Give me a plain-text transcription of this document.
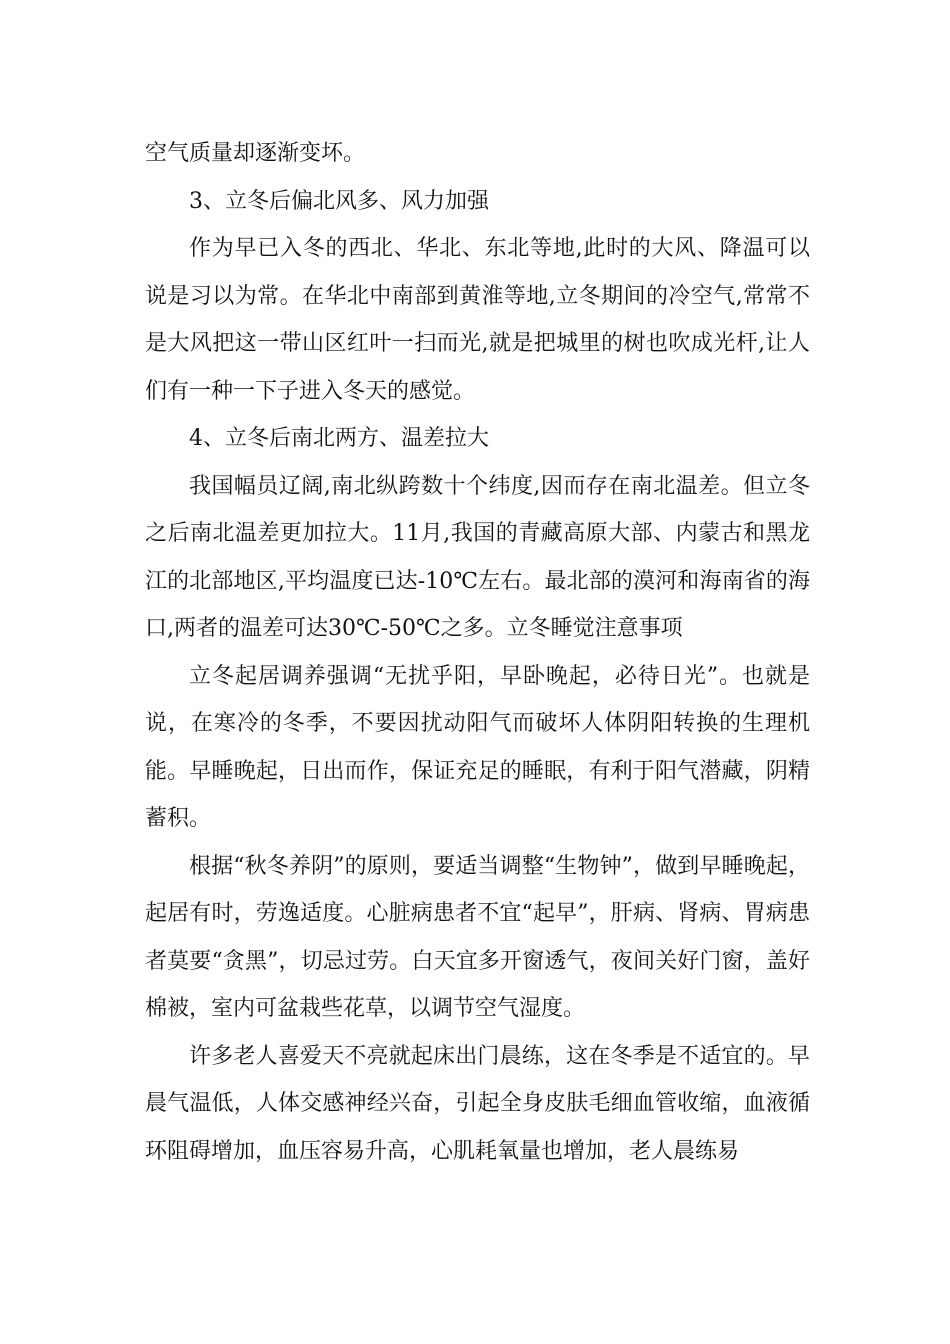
空气质量却逐渐变坏。

3、立冬后偏北风多、风力加强

作为早已入冬的西北、华北、东北等地,此时的大风、降温可以说是习以为常。在华北中南部到黄淮等地,立冬期间的冷空气,常常不是大风把这一带山区红叶一扫而光,就是把城里的树也吹成光杆,让人们有一种一下子进入冬天的感觉。

4、立冬后南北两方、温差拉大

我国幅员辽阔,南北纵跨数十个纬度,因而存在南北温差。但立冬之后南北温差更加拉大。11月,我国的青藏高原大部、内蒙古和黑龙江的北部地区,平均温度已达-10℃左右。最北部的漠河和海南省的海口,两者的温差可达30℃-50℃之多。立冬睡觉注意事项

立冬起居调养强调“无扰乎阳，早卧晚起，必待日光”。也就是说，在寒冷的冬季，不要因扰动阳气而破坏人体阴阳转换的生理机能。早睡晚起，日出而作，保证充足的睡眠，有利于阳气潜藏，阴精蓄积。

根据“秋冬养阴”的原则，要适当调整“生物钟”，做到早睡晚起，起居有时，劳逸适度。心脏病患者不宜“起早”，肝病、肾病、胃病患者莫要“贪黑”，切忌过劳。白天宜多开窗透气，夜间关好门窗，盖好棉被，室内可盆栽些花草，以调节空气湿度。

许多老人喜爱天不亮就起床出门晨练，这在冬季是不适宜的。早晨气温低，人体交感神经兴奋，引起全身皮肤毛细血管收缩，血液循环阻碍增加，血压容易升高，心肌耗氧量也增加，老人晨练易
